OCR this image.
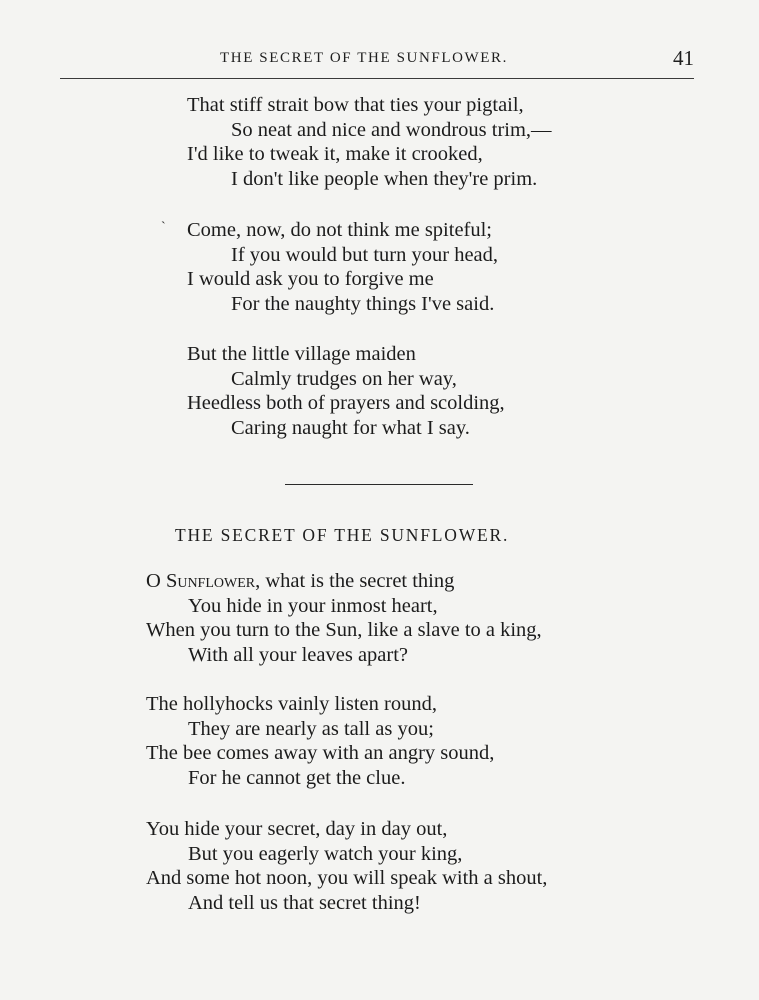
THE SECRET OF THE SUNFLOWER.	41
That stiff strait bow that ties your pigtail,
So neat and nice and wondrous trim,—
I'd like to tweak it, make it crooked,
I don't like people when they're prim.
ˋ Come, now, do not think me spiteful;
If you would but turn your head,
I would ask you to forgive me
For the naughty things I've said.
But the little village maiden
Calmly trudges on her way,
Heedless both of prayers and scolding,
Caring naught for what I say.
THE SECRET OF THE SUNFLOWER.
O Sunflower, what is the secret thing
You hide in your inmost heart,
When you turn to the Sun, like a slave to a king,
With all your leaves apart?
The hollyhocks vainly listen round,
They are nearly as tall as you;
The bee comes away with an angry sound,
For he cannot get the clue.
You hide your secret, day in day out,
But you eagerly watch your king,
And some hot noon, you will speak with a shout,
And tell us that secret thing!
